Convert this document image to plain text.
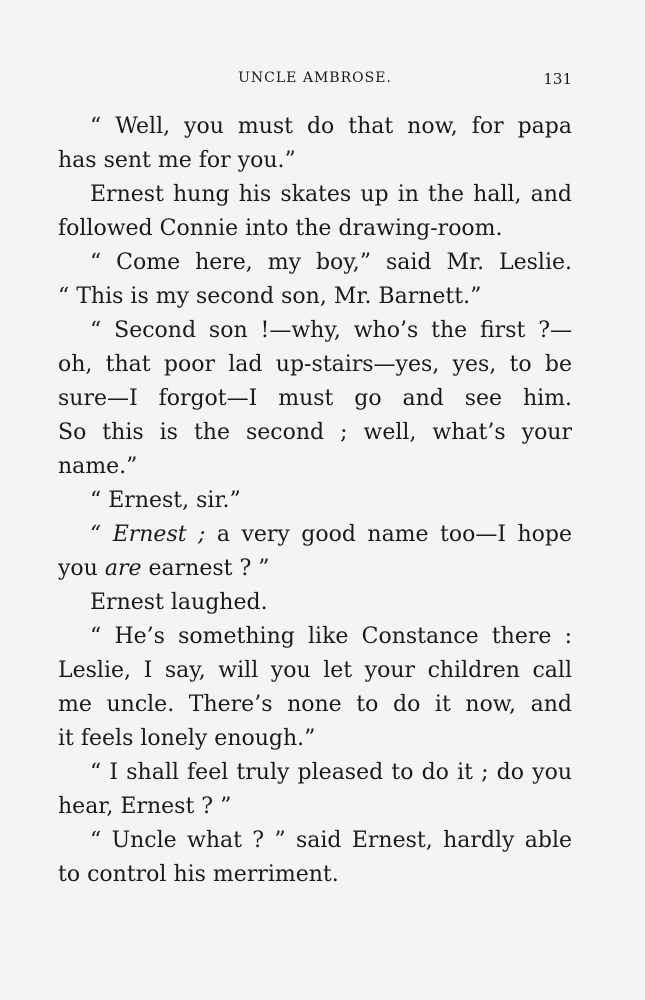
UNCLE AMBROSE.	131
“ Well, you must do that now, for papa
has sent me for you.”
Ernest hung his skates up in the hall, and
followed Connie into the drawing-room.
“ Come here, my boy,” said Mr. Leslie.
“ This is my second son, Mr. Barnett.”
“ Second son !—why, who’s the first ?—
oh, that poor lad up-stairs—yes, yes, to be
sure—I forgot—I must go and see him.
So this is the second ; well, what’s your
name.”
“ Ernest, sir.”
“ Ernest ; a very good name too—I hope
you are earnest ? ”
Ernest laughed.
“ He’s something like Constance there :
Leslie, I say, will you let your children call
me uncle. There’s none to do it now, and
it feels lonely enough.”
“ I shall feel truly pleased to do it ; do you
hear, Ernest ? ”
“ Uncle what ? ” said Ernest, hardly able
to control his merriment.
